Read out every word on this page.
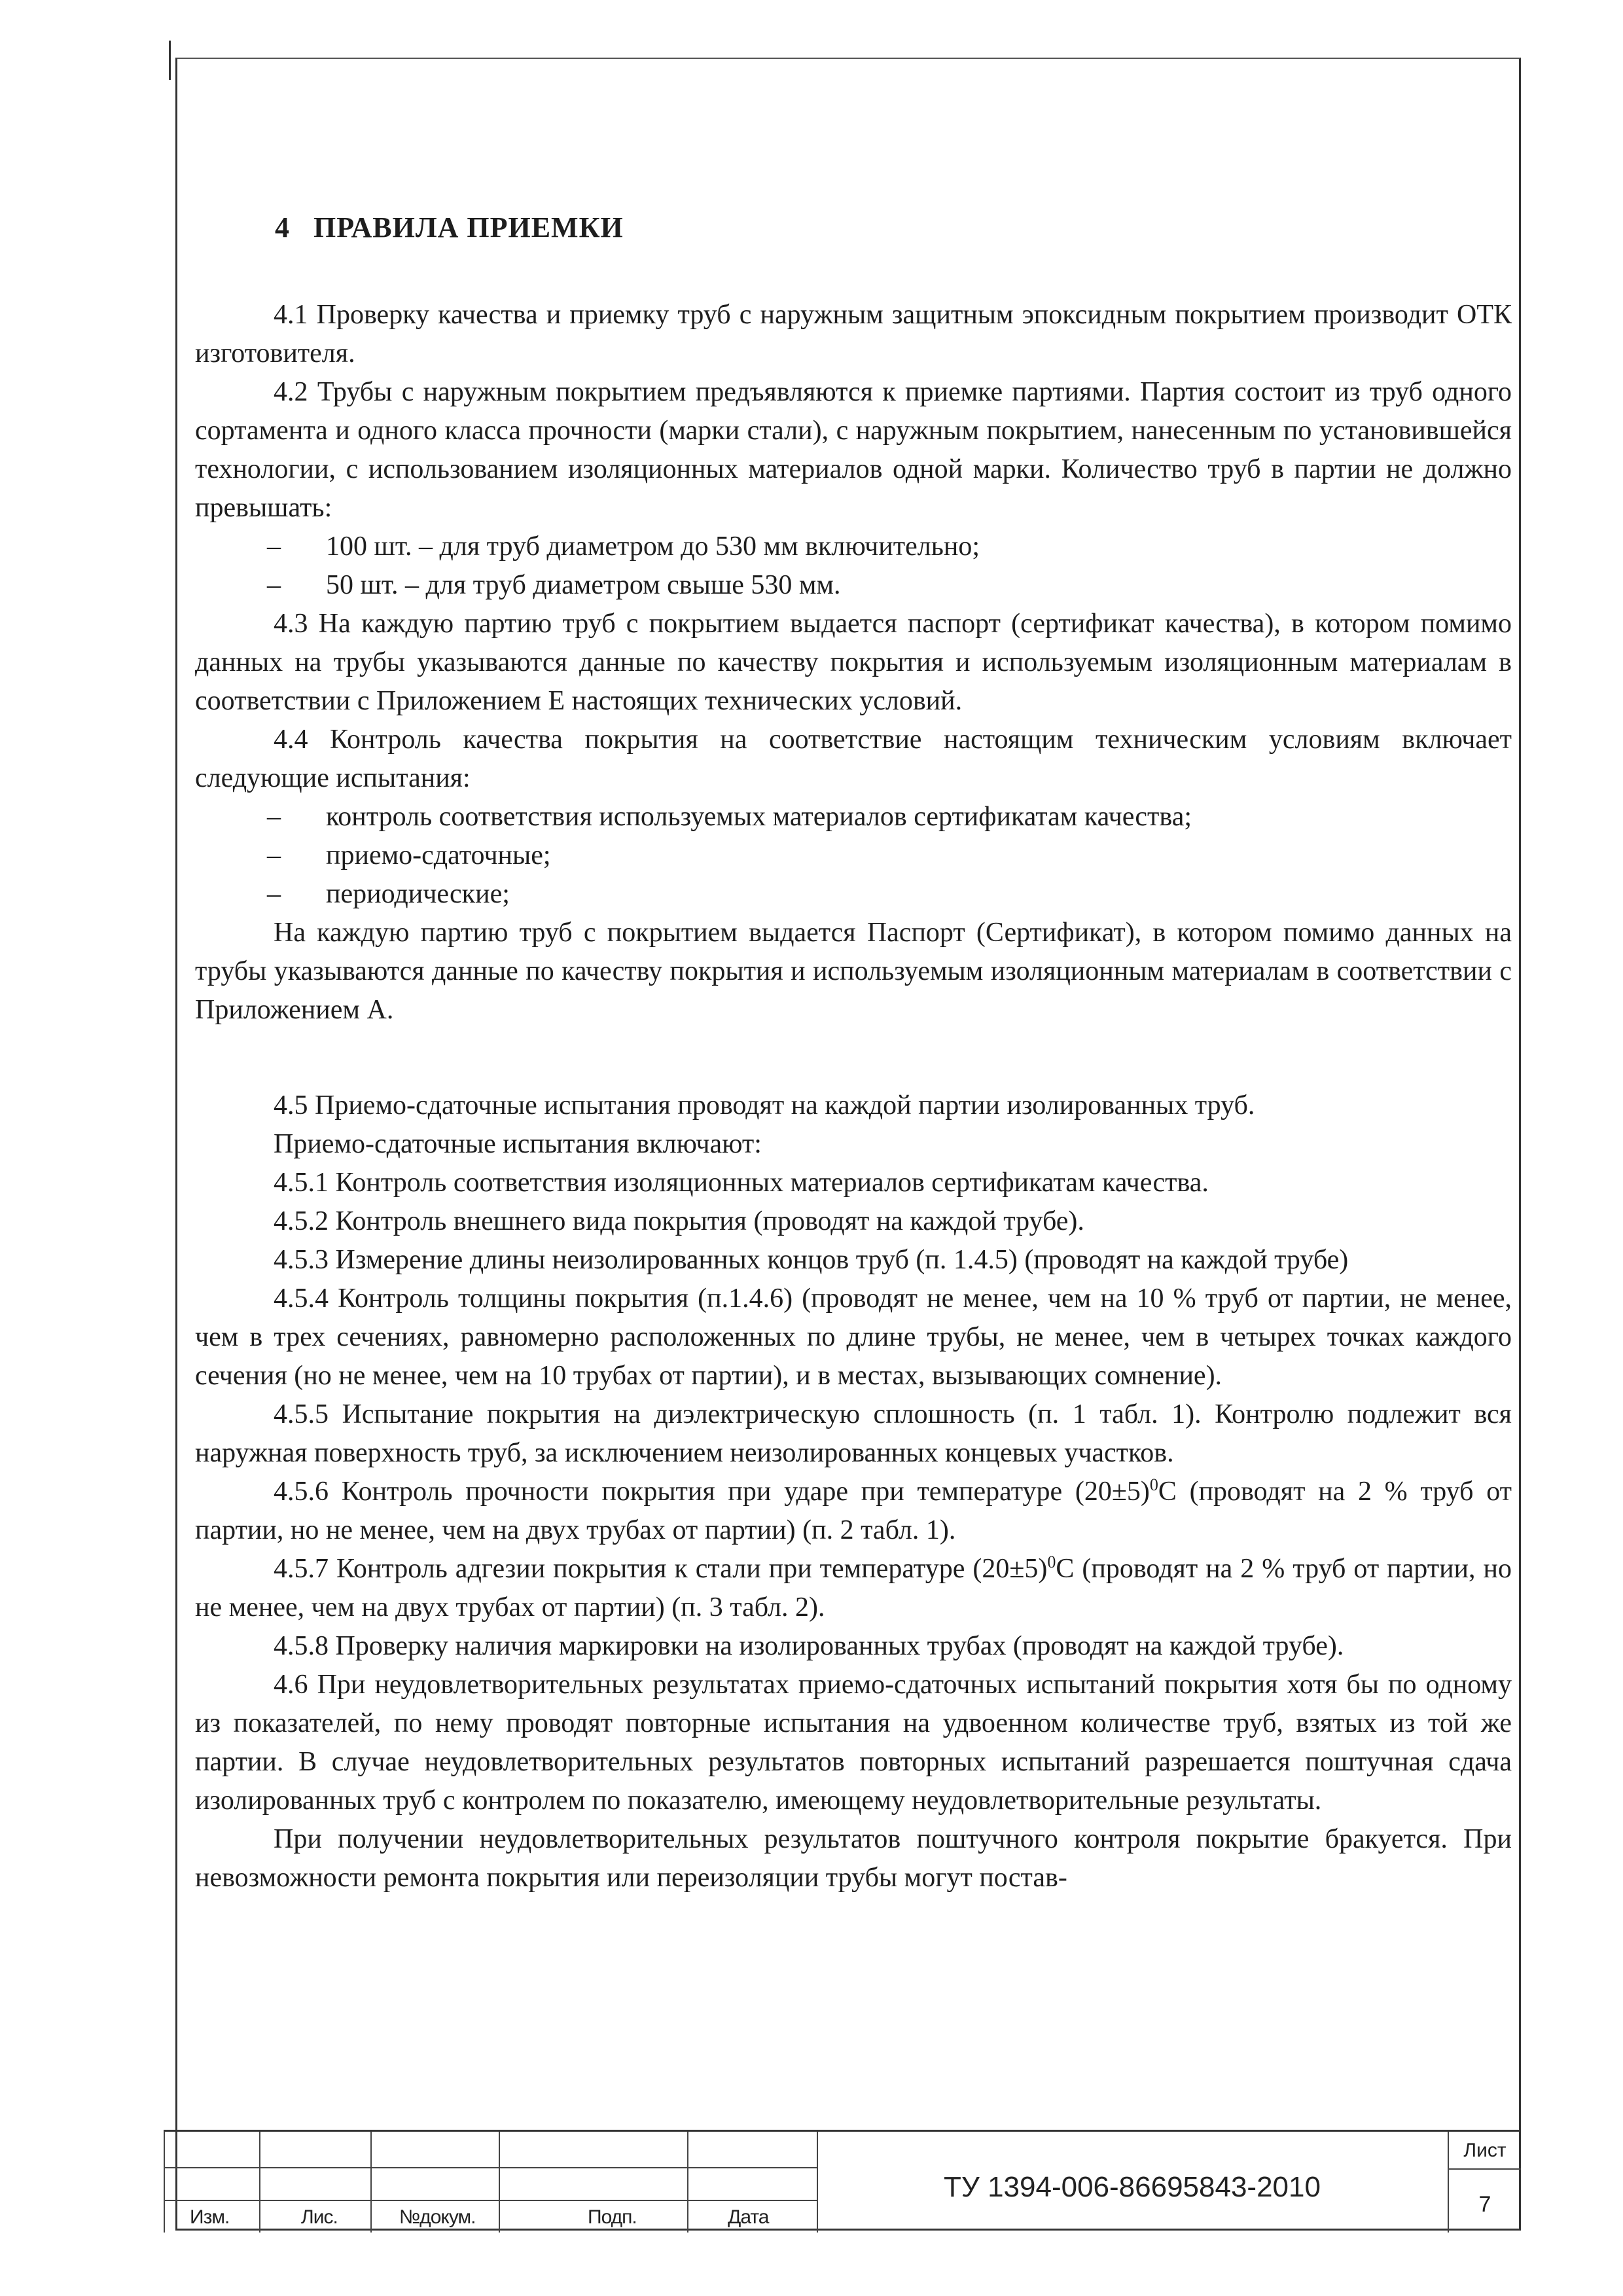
4 ПРАВИЛА ПРИЕМКИ

4.1 Проверку качества и приемку труб с наружным защитным эпоксидным покрытием производит ОТК изготовителя.

4.2 Трубы с наружным покрытием предъявляются к приемке партиями. Партия состоит из труб одного сортамента и одного класса прочности (марки стали), с наружным покрытием, нанесенным по установившейся технологии, с использованием изоляционных материалов одной марки. Количество труб в партии не должно превышать:

–	100 шт. – для труб диаметром до 530 мм включительно;

–	50 шт. – для труб диаметром свыше 530 мм.

4.3 На каждую партию труб с покрытием выдается паспорт (сертификат качества), в котором помимо данных на трубы указываются данные по качеству покрытия и используемым изоляционным материалам в соответствии с Приложением Е настоящих технических условий.

4.4 Контроль качества покрытия на соответствие настоящим техническим условиям включает следующие испытания:

–	контроль соответствия используемых материалов сертификатам качества;

–	приемо-сдаточные;

–	периодические;

На каждую партию труб с покрытием выдается Паспорт (Сертификат), в котором помимо данных на трубы указываются данные по качеству покрытия и используемым изоляционным материалам в соответствии с Приложением А.

4.5 Приемо-сдаточные испытания проводят на каждой партии изолированных труб.

Приемо-сдаточные испытания включают:

4.5.1 Контроль соответствия изоляционных материалов сертификатам качества.

4.5.2 Контроль внешнего вида покрытия (проводят на каждой трубе).

4.5.3 Измерение длины неизолированных концов труб (п. 1.4.5) (проводят на каждой трубе)

4.5.4 Контроль толщины покрытия (п.1.4.6) (проводят не менее, чем на 10 % труб от партии, не менее, чем в трех сечениях, равномерно расположенных по длине трубы, не менее, чем в четырех точках каждого сечения (но не менее, чем на 10 трубах от партии), и в местах, вызывающих сомнение).

4.5.5 Испытание покрытия на диэлектрическую сплошность (п. 1 табл. 1). Контролю подлежит вся наружная поверхность труб, за исключением неизолированных концевых участков.

4.5.6 Контроль прочности покрытия при ударе при температуре $(20\pm 5)^0С$ (проводят на 2 % труб от партии, но не менее, чем на двух трубах от партии) (п. 2 табл. 1).

4.5.7 Контроль адгезии покрытия к стали при температуре $(20\pm 5)^0С$ (проводят на 2 % труб от партии, но не менее, чем на двух трубах от партии) (п. 3 табл. 2).

4.5.8 Проверку наличия маркировки на изолированных трубах (проводят на каждой трубе).

4.6 При неудовлетворительных результатах приемо-сдаточных испытаний покрытия хотя бы по одному из показателей, по нему проводят повторные испытания на удвоенном количестве труб, взятых из той же партии. В случае неудовлетворительных результатов повторных испытаний разрешается поштучная сдача изолированных труб с контролем по показателю, имеющему неудовлетворительные результаты.

При получении неудовлетворительных результатов поштучного контроля покрытие бракуется. При невозможности ремонта покрытия или переизоляции трубы могут постав-

Изм.	Лис.	№докум.	Подп.	Дата
ТУ 1394-006-86695843-2010
Лист
7
